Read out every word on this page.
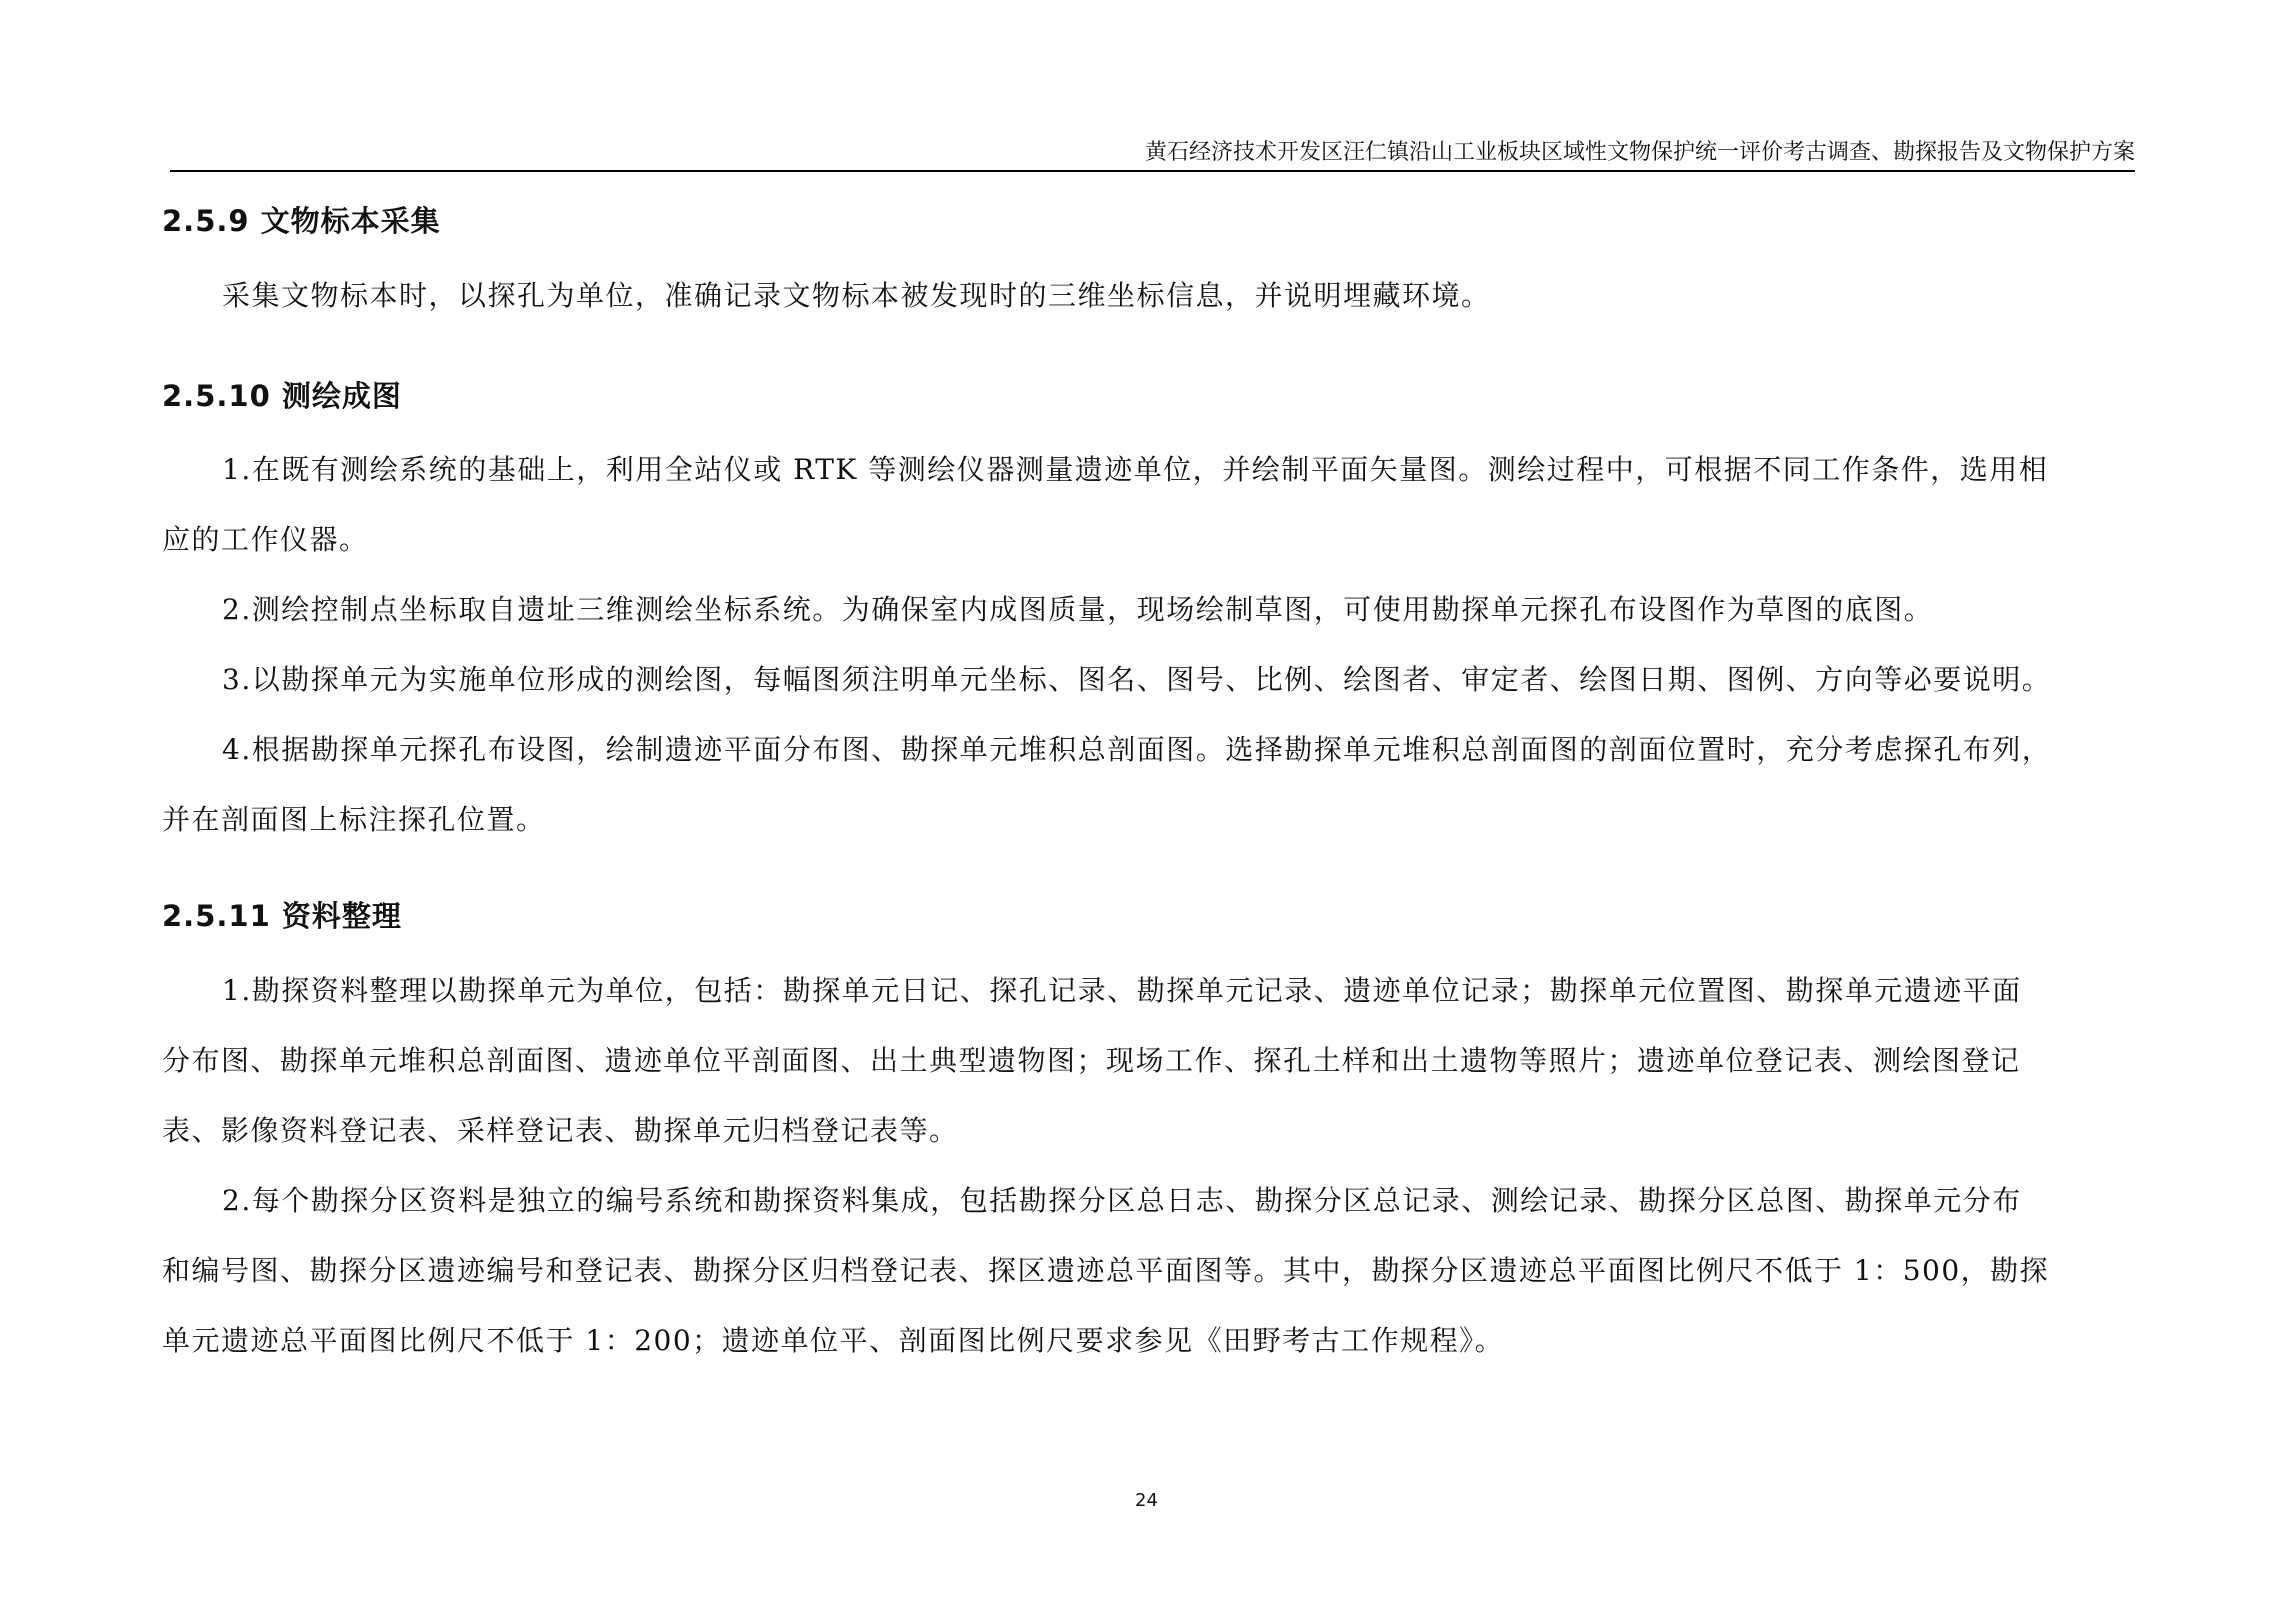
黄石经济技术开发区汪仁镇沿山工业板块区域性文物保护统一评价考古调查、勘探报告及文物保护方案
2.5.9 文物标本采集
采集文物标本时，以探孔为单位，准确记录文物标本被发现时的三维坐标信息，并说明埋藏环境。
2.5.10 测绘成图
1.在既有测绘系统的基础上，利用全站仪或 RTK 等测绘仪器测量遗迹单位，并绘制平面矢量图。测绘过程中，可根据不同工作条件，选用相
应的工作仪器。
2.测绘控制点坐标取自遗址三维测绘坐标系统。为确保室内成图质量，现场绘制草图，可使用勘探单元探孔布设图作为草图的底图。
3.以勘探单元为实施单位形成的测绘图，每幅图须注明单元坐标、图名、图号、比例、绘图者、审定者、绘图日期、图例、方向等必要说明。
4.根据勘探单元探孔布设图，绘制遗迹平面分布图、勘探单元堆积总剖面图。选择勘探单元堆积总剖面图的剖面位置时，充分考虑探孔布列，
并在剖面图上标注探孔位置。
2.5.11 资料整理
1.勘探资料整理以勘探单元为单位，包括：勘探单元日记、探孔记录、勘探单元记录、遗迹单位记录；勘探单元位置图、勘探单元遗迹平面
分布图、勘探单元堆积总剖面图、遗迹单位平剖面图、出土典型遗物图；现场工作、探孔土样和出土遗物等照片；遗迹单位登记表、测绘图登记
表、影像资料登记表、采样登记表、勘探单元归档登记表等。
2.每个勘探分区资料是独立的编号系统和勘探资料集成，包括勘探分区总日志、勘探分区总记录、测绘记录、勘探分区总图、勘探单元分布
和编号图、勘探分区遗迹编号和登记表、勘探分区归档登记表、探区遗迹总平面图等。其中，勘探分区遗迹总平面图比例尺不低于 1：500，勘探
单元遗迹总平面图比例尺不低于 1：200；遗迹单位平、剖面图比例尺要求参见《田野考古工作规程》。
24
